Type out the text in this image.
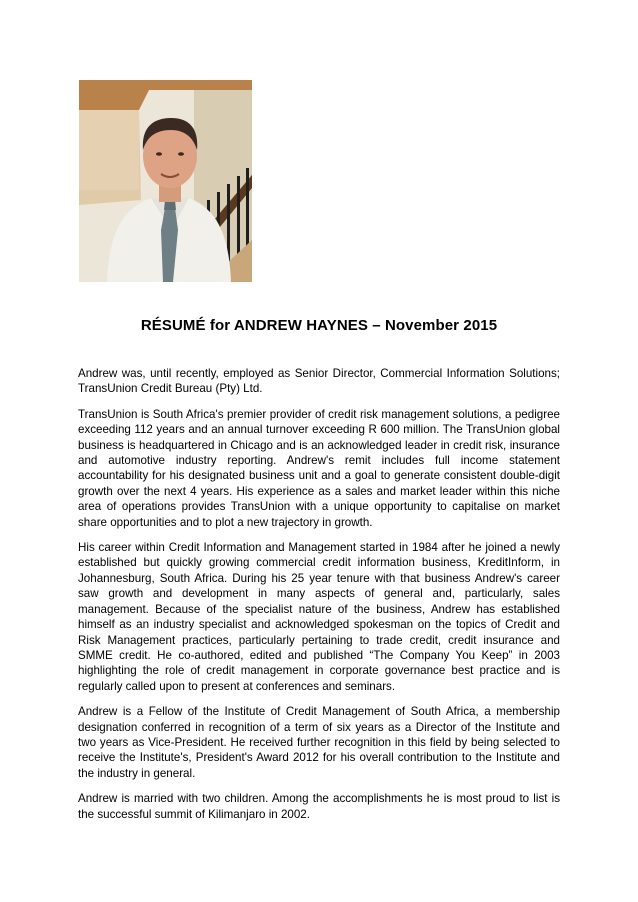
RÉSUMÉ for ANDREW HAYNES – November 2015

Andrew was, until recently, employed as Senior Director, Commercial Information Solutions; TransUnion Credit Bureau (Pty) Ltd.

TransUnion is South Africa's premier provider of credit risk management solutions, a pedigree exceeding 112 years and an annual turnover exceeding R 600 million. The TransUnion global business is headquartered in Chicago and is an acknowledged leader in credit risk, insurance and automotive industry reporting. Andrew's remit includes full income statement accountability for his designated business unit and a goal to generate consistent double-digit growth over the next 4 years. His experience as a sales and market leader within this niche area of operations provides TransUnion with a unique opportunity to capitalise on market share opportunities and to plot a new trajectory in growth.

His career within Credit Information and Management started in 1984 after he joined a newly established but quickly growing commercial credit information business, KreditInform, in Johannesburg, South Africa. During his 25 year tenure with that business Andrew's career saw growth and development in many aspects of general and, particularly, sales management. Because of the specialist nature of the business, Andrew has established himself as an industry specialist and acknowledged spokesman on the topics of Credit and Risk Management practices, particularly pertaining to trade credit, credit insurance and SMME credit. He co-authored, edited and published “The Company You Keep” in 2003 highlighting the role of credit management in corporate governance best practice and is regularly called upon to present at conferences and seminars.

Andrew is a Fellow of the Institute of Credit Management of South Africa, a membership designation conferred in recognition of a term of six years as a Director of the Institute and two years as Vice-President. He received further recognition in this field by being selected to receive the Institute's, President's Award 2012 for his overall contribution to the Institute and the industry in general.

Andrew is married with two children. Among the accomplishments he is most proud to list is the successful summit of Kilimanjaro in 2002.
